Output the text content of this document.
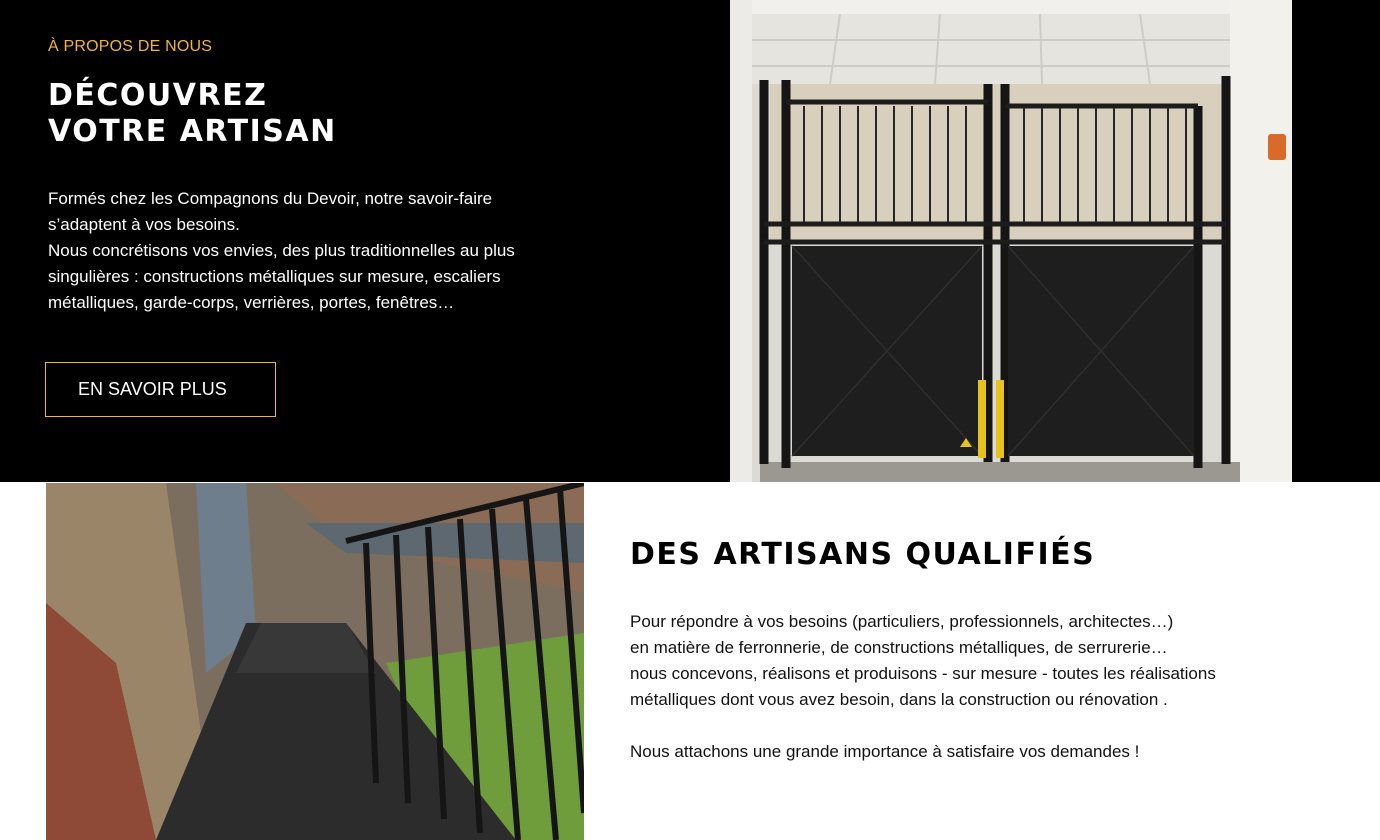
À PROPOS DE NOUS
DÉCOUVREZ
VOTRE ARTISAN

Formés chez les Compagnons du Devoir, notre savoir-faire

s’adaptent à vos besoins.

Nous concrétisons vos envies, des plus traditionnelles au plus

singulières : constructions métalliques sur mesure, escaliers

métalliques, garde-corps, verrières, portes, fenêtres…

EN SAVOIR PLUS
DES ARTISANS QUALIFIÉS

Pour répondre à vos besoins (particuliers, professionnels, architectes…)

en matière de ferronnerie, de constructions métalliques, de serrurerie…

nous concevons, réalisons et produisons - sur mesure - toutes les réalisations

métalliques dont vous avez besoin, dans la construction ou rénovation .

Nous attachons une grande importance à satisfaire vos demandes !
